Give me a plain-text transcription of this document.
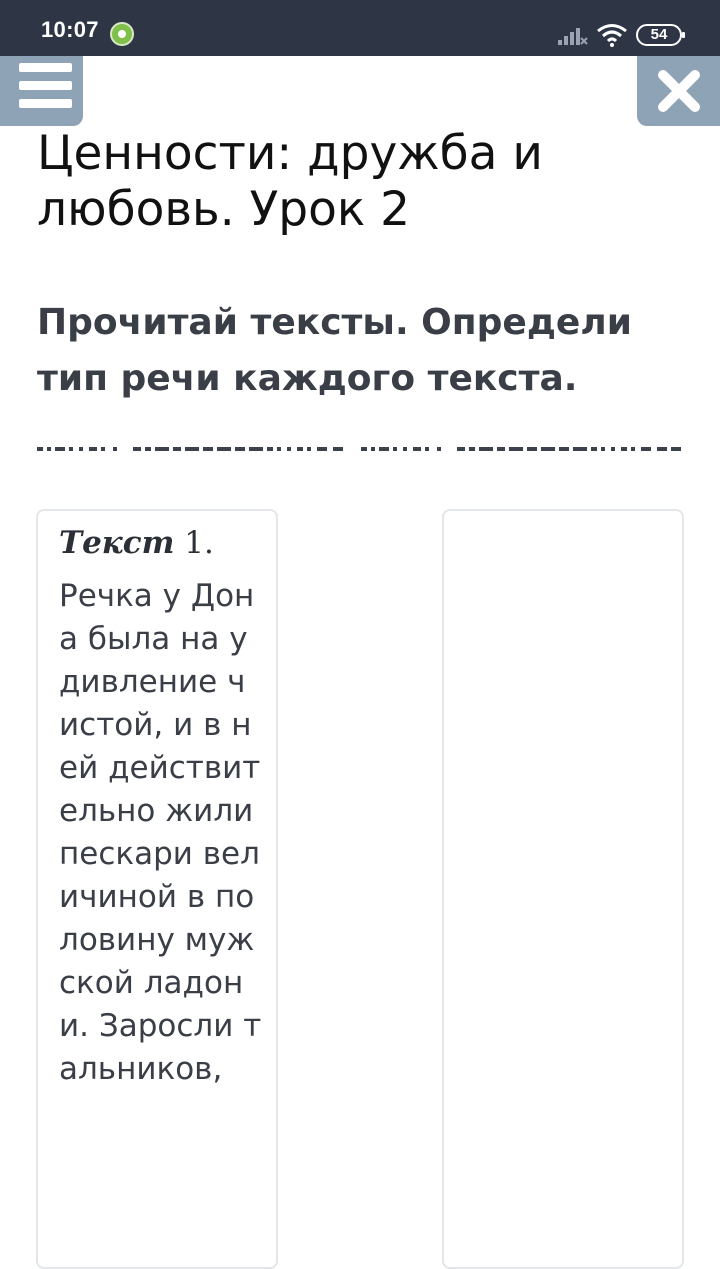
10:07	54
Ценности: дружба и любовь. Урок 2
Прочитай тексты. Определи тип речи каждого текста.
Текст 1.
Речка у Дона была на удивление чистой, и в ней действительно жили пескари величиной в половину мужской ладони. Заросли тальников,
